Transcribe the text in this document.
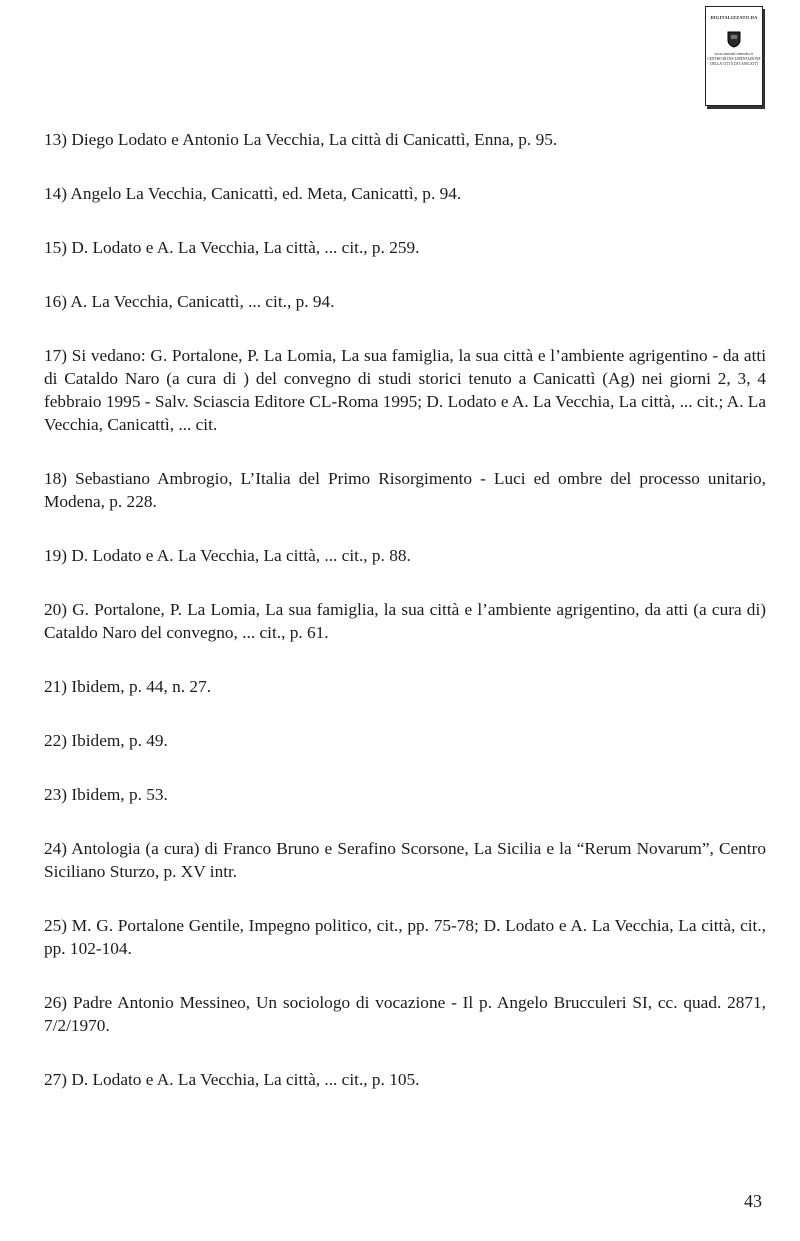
DIGITALIZZATO DA
www.canicatti-centrodoc.it
CENTRO DI DOCUMENTAZIONE
DELLA CITTÀ DI CANICATTÌ

13) Diego Lodato e Antonio La Vecchia, La città di Canicattì, Enna, p. 95.

14) Angelo La Vecchia, Canicattì, ed. Meta, Canicattì, p. 94.

15) D. Lodato e A. La Vecchia, La città, ... cit., p. 259.

16) A. La Vecchia, Canicattì, ... cit., p. 94.

17) Si vedano: G. Portalone, P. La Lomia, La sua famiglia, la sua città e l’ambiente agrigentino - da atti di Cataldo Naro (a cura di ) del convegno di studi storici tenuto a Canicattì (Ag) nei giorni 2, 3, 4 febbraio 1995 - Salv. Sciascia Editore CL-Roma 1995; D. Lodato e A. La Vecchia, La città, ... cit.; A. La Vecchia, Canicattì, ... cit.

18) Sebastiano Ambrogio, L’Italia del Primo Risorgimento - Luci ed ombre del processo unitario, Modena, p. 228.

19) D. Lodato e A. La Vecchia, La città, ... cit., p. 88.

20) G. Portalone, P. La Lomia, La sua famiglia, la sua città e l’ambiente agrigentino, da atti (a cura di) Cataldo Naro del convegno, ... cit., p. 61.

21) Ibidem, p. 44, n. 27.

22) Ibidem, p. 49.

23) Ibidem, p. 53.

24) Antologia (a cura) di Franco Bruno e Serafino Scorsone, La Sicilia e la “Rerum Novarum”, Centro Siciliano Sturzo, p. XV intr.

25) M. G. Portalone Gentile, Impegno politico, cit., pp. 75-78; D. Lodato e A. La Vecchia, La città, cit., pp. 102-104.

26) Padre Antonio Messineo, Un sociologo di vocazione - Il p. Angelo Brucculeri SI, cc. quad. 2871, 7/2/1970.

27) D. Lodato e A. La Vecchia, La città, ... cit., p. 105.

43
